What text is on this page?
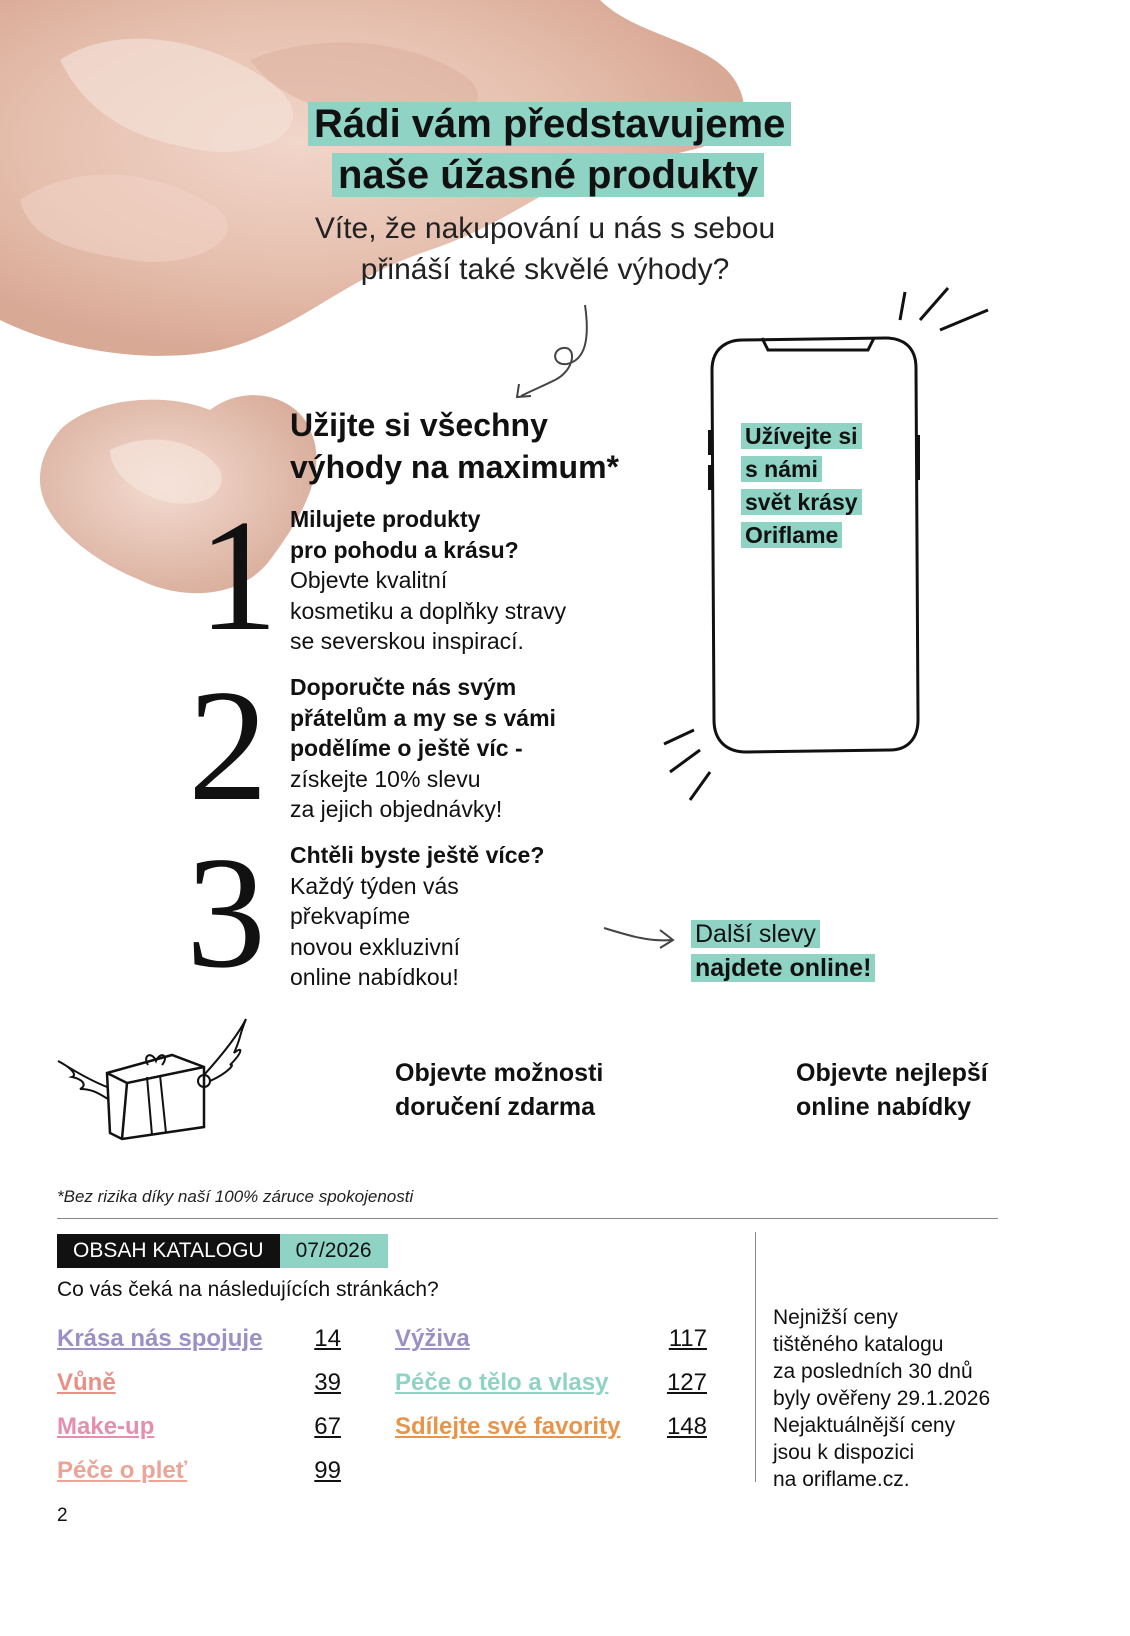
Rádi vám představujeme
naše úžasné produkty
Víte, že nakupování u nás s sebou
přináší také skvělé výhody?
Užijte si všechny
výhody na maximum*
1 Milujete produkty
pro pohodu a krásu?
Objevte kvalitní
kosmetiku a doplňky stravy
se severskou inspirací.
2 Doporučte nás svým
přátelům a my se s vámi
podělíme o ještě víc -
získejte 10% slevu
za jejich objednávky!
3 Chtěli byste ještě více?
Každý týden vás
překvapíme
novou exkluzivní
online nabídkou!
Užívejte si
s námi
svět krásy
Oriflame
Další slevy
najdete online!
Objevte možnosti
doručení zdarma
Objevte nejlepší
online nabídky
*Bez rizika díky naší 100% záruce spokojenosti
OBSAH KATALOGU	07/2026
Co vás čeká na následujících stránkách?
Krása nás spojuje 14
Vůně	39
Make-up	67
Péče o pleť	99
Výživa	117
Péče o tělo a vlasy 127
Sdílejte své favority 148
Nejnižší ceny
tištěného katalogu
za posledních 30 dnů
byly ověřeny 29.1.2026
Nejaktuálnější ceny
jsou k dispozici
na oriflame.cz.
2
